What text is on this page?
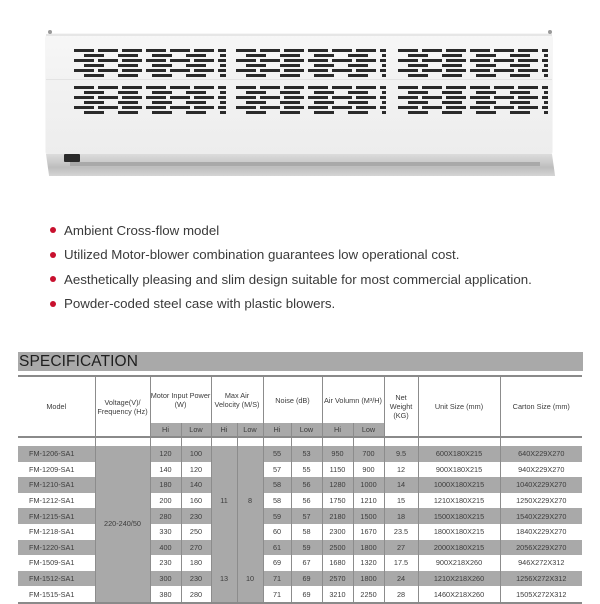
Ambient Cross-flow model
Utilized Motor-blower combination guarantees low operational cost.
Aesthetically pleasing and slim design suitable for most commercial application.
Powder-coded steel case with plastic blowers.
SPECIFICATION
Model	Voltage(V)/ Frequency (Hz)	Motor Input Power (W)		Max Air Velocity (M/S)		Noise (dB)		Air Volumn (M³/H)		Net Weight (KG)	Unit Size (mm)	Carton Size (mm)
		Hi	Low	Hi	Low	Hi	Low	Hi	Low			

FM-1206-SA1	220-240/50	120	100	11	8	55	53	950	700	9.5	600X180X215	640X229X270
FM-1209-SA1		140	120			57	55	1150	900	12	900X180X215	940X229X270
FM-1210-SA1		180	140			58	56	1280	1000	14	1000X180X215	1040X229X270
FM-1212-SA1		200	160			58	56	1750	1210	15	1210X180X215	1250X229X270
FM-1215-SA1		280	230			59	57	2180	1500	18	1500X180X215	1540X229X270
FM-1218-SA1		330	250			60	58	2300	1670	23.5	1800X180X215	1840X229X270
FM-1220-SA1		400	270			61	59	2500	1800	27	2000X180X215	2056X229X270
FM-1509-SA1		230	180	13	10	69	67	1680	1320	17.5	900X218X260	946X272X312
FM-1512-SA1		300	230			71	69	2570	1800	24	1210X218X260	1256X272X312
FM-1515-SA1		380	280			71	69	3210	2250	28	1460X218X260	1505X272X312
